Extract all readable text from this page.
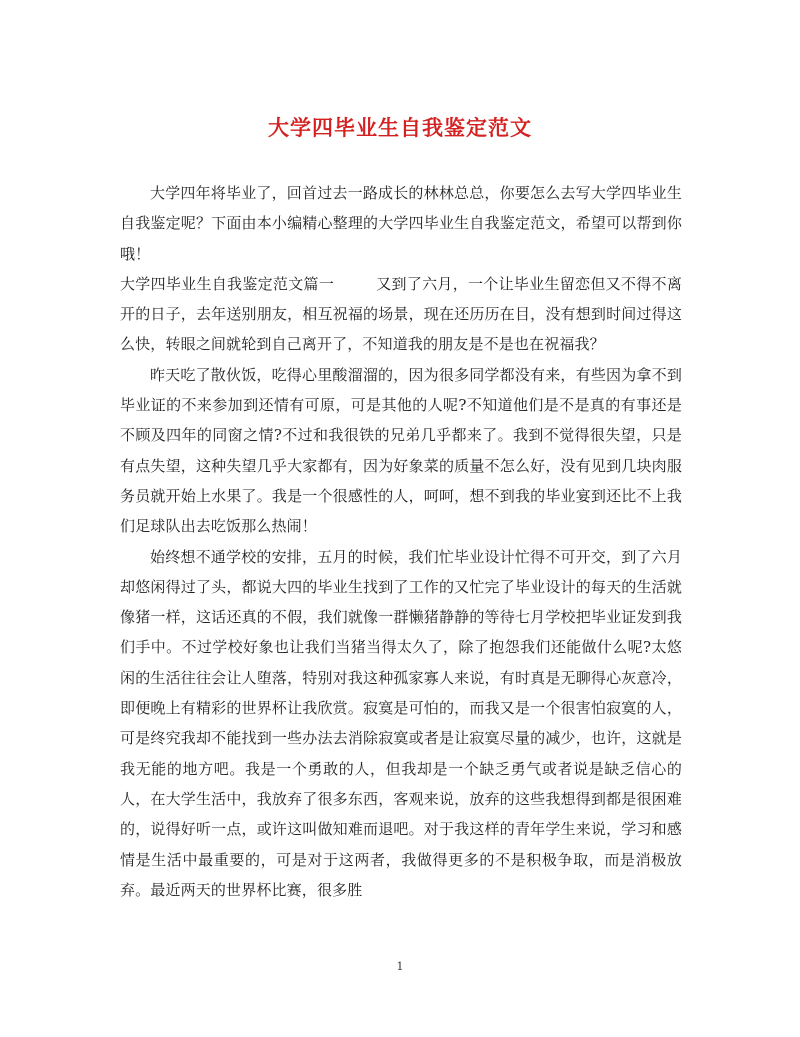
大学四毕业生自我鉴定范文

大学四年将毕业了，回首过去一路成长的林林总总，你要怎么去写大学四毕业生自我鉴定呢？下面由本小编精心整理的大学四毕业生自我鉴定范文，希望可以帮到你哦！

大学四毕业生自我鉴定范文篇一	又到了六月，一个让毕业生留恋但又不得不离开的日子，去年送别朋友，相互祝福的场景，现在还历历在目，没有想到时间过得这么快，转眼之间就轮到自己离开了，不知道我的朋友是不是也在祝福我？

昨天吃了散伙饭，吃得心里酸溜溜的，因为很多同学都没有来，有些因为拿不到毕业证的不来参加到还情有可原，可是其他的人呢?不知道他们是不是真的有事还是不顾及四年的同窗之情?不过和我很铁的兄弟几乎都来了。我到不觉得很失望，只是有点失望，这种失望几乎大家都有，因为好象菜的质量不怎么好，没有见到几块肉服务员就开始上水果了。我是一个很感性的人，呵呵，想不到我的毕业宴到还比不上我们足球队出去吃饭那么热闹！

始终想不通学校的安排，五月的时候，我们忙毕业设计忙得不可开交，到了六月却悠闲得过了头，都说大四的毕业生找到了工作的又忙完了毕业设计的每天的生活就像猪一样，这话还真的不假，我们就像一群懒猪静静的等待七月学校把毕业证发到我们手中。不过学校好象也让我们当猪当得太久了，除了抱怨我们还能做什么呢?太悠闲的生活往往会让人堕落，特别对我这种孤家寡人来说，有时真是无聊得心灰意冷，即便晚上有精彩的世界杯让我欣赏。寂寞是可怕的，而我又是一个很害怕寂寞的人，可是终究我却不能找到一些办法去消除寂寞或者是让寂寞尽量的减少，也许，这就是我无能的地方吧。我是一个勇敢的人，但我却是一个缺乏勇气或者说是缺乏信心的人，在大学生活中，我放弃了很多东西，客观来说，放弃的这些我想得到都是很困难的，说得好听一点，或许这叫做知难而退吧。对于我这样的青年学生来说，学习和感情是生活中最重要的，可是对于这两者，我做得更多的不是积极争取，而是消极放弃。最近两天的世界杯比赛，很多胜

1
